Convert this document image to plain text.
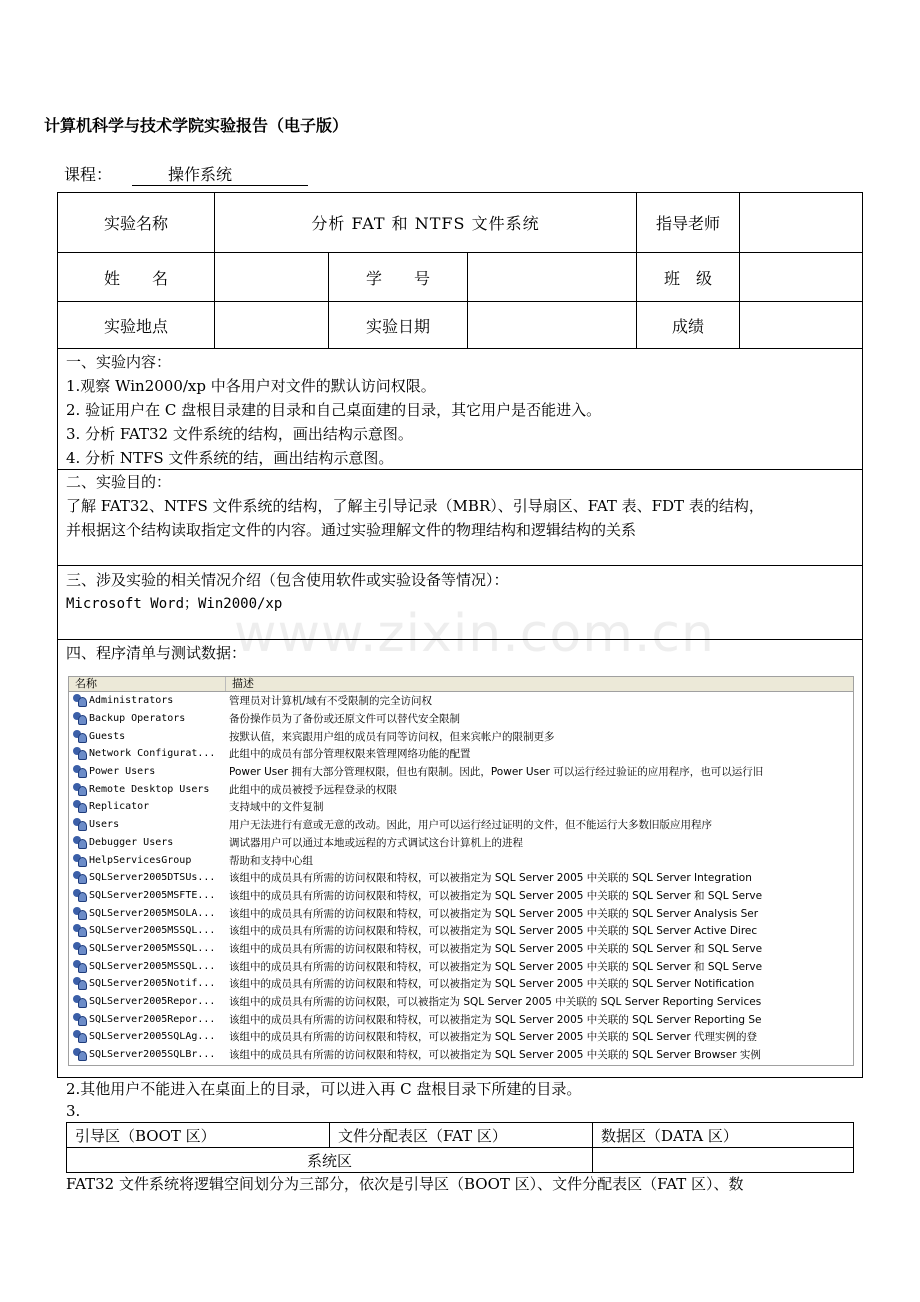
计算机科学与技术学院实验报告（电子版）
课程：	操作系统
www.zixin.com.cn
实验名称	分析 FAT 和 NTFS 文件系统			指导老师	
姓　　名		学　　号		班　级	
实验地点		实验日期		成绩	

一、实验内容：

1.观察 Win2000/xp 中各用户对文件的默认访问权限。

2. 验证用户在 C 盘根目录建的目录和自己桌面建的目录，其它用户是否能进入。

3. 分析 FAT32 文件系统的结构，画出结构示意图。

4. 分析 NTFS 文件系统的结，画出结构示意图。

二、实验目的：

了解 FAT32、NTFS 文件系统的结构，了解主引导记录（MBR）、引导扇区、FAT 表、FDT 表的结构，

并根据这个结构读取指定文件的内容。通过实验理解文件的物理结构和逻辑结构的关系

三、涉及实验的相关情况介绍（包含使用软件或实验设备等情况）：

Microsoft Word；Win2000/xp

四、程序清单与测试数据：

名称	描述
Administrators	管理员对计算机/域有不受限制的完全访问权
Backup Operators	备份操作员为了备份或还原文件可以替代安全限制
Guests	按默认值，来宾跟用户组的成员有同等访问权，但来宾帐户的限制更多
Network Configurat... 此组中的成员有部分管理权限来管理网络功能的配置
Power Users	Power User 拥有大部分管理权限，但也有限制。因此，Power User 可以运行经过验证的应用程序，也可以运行旧
Remote Desktop Users 此组中的成员被授予远程登录的权限
Replicator	支持域中的文件复制
Users	用户无法进行有意或无意的改动。因此，用户可以运行经过证明的文件，但不能运行大多数旧版应用程序
Debugger Users	调试器用户可以通过本地或远程的方式调试这台计算机上的进程
HelpServicesGroup	帮助和支持中心组
SQLServer2005DTSUs... 该组中的成员具有所需的访问权限和特权，可以被指定为 SQL Server 2005 中关联的 SQL Server Integration
SQLServer2005MSFTE... 该组中的成员具有所需的访问权限和特权，可以被指定为 SQL Server 2005 中关联的 SQL Server 和 SQL Serve
SQLServer2005MSOLA... 该组中的成员具有所需的访问权限和特权，可以被指定为 SQL Server 2005 中关联的 SQL Server Analysis Ser
SQLServer2005MSSQL... 该组中的成员具有所需的访问权限和特权，可以被指定为 SQL Server 2005 中关联的 SQL Server Active Direc
SQLServer2005MSSQL... 该组中的成员具有所需的访问权限和特权，可以被指定为 SQL Server 2005 中关联的 SQL Server 和 SQL Serve
SQLServer2005MSSQL... 该组中的成员具有所需的访问权限和特权，可以被指定为 SQL Server 2005 中关联的 SQL Server 和 SQL Serve
SQLServer2005Notif... 该组中的成员具有所需的访问权限和特权，可以被指定为 SQL Server 2005 中关联的 SQL Server Notification
SQLServer2005Repor... 该组中的成员具有所需的访问权限，可以被指定为 SQL Server 2005 中关联的 SQL Server Reporting Services
SQLServer2005Repor... 该组中的成员具有所需的访问权限和特权，可以被指定为 SQL Server 2005 中关联的 SQL Server Reporting Se
SQLServer2005SQLAg... 该组中的成员具有所需的访问权限和特权，可以被指定为 SQL Server 2005 中关联的 SQL Server 代理实例的登
SQLServer2005SQLBr... 该组中的成员具有所需的访问权限和特权，可以被指定为 SQL Server 2005 中关联的 SQL Server Browser 实例

2.其他用户不能进入在桌面上的目录，可以进入再 C 盘根目录下所建的目录。

3.

引导区（BOOT 区）	文件分配表区（FAT 区）	数据区（DATA 区）
系统区		
FAT32 文件系统将逻辑空间划分为三部分，依次是引导区（BOOT 区）、文件分配表区（FAT 区）、数
